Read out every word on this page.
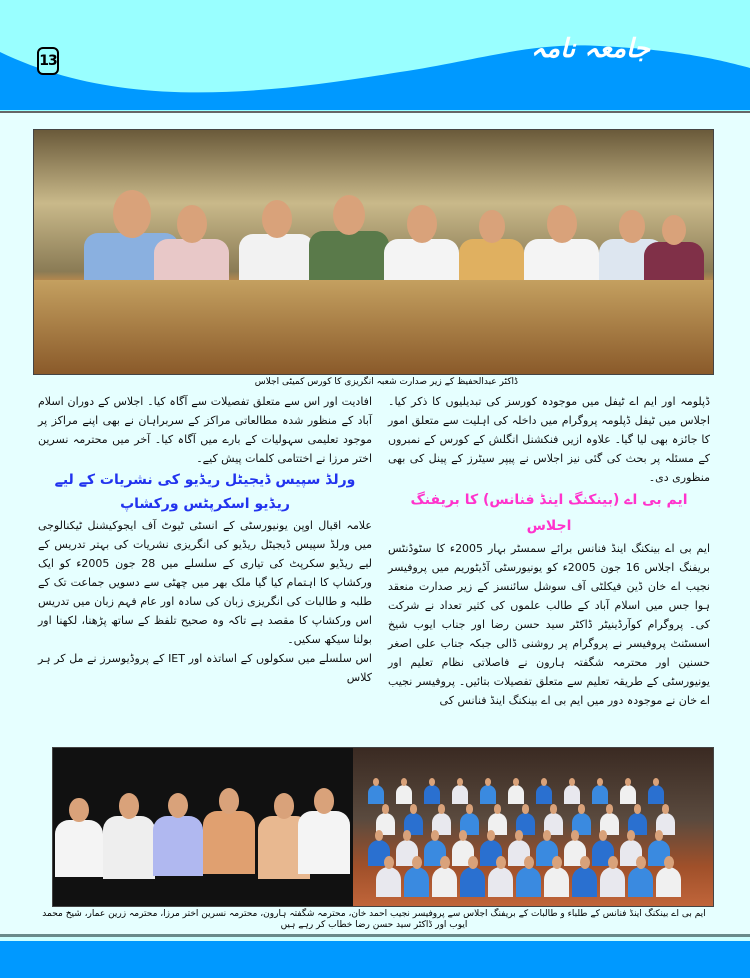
13	جامعہ نامہ
ڈاکٹر عبدالحفیظ کے زیر صدارت شعبہ انگریزی کا کورس کمیٹی اجلاس

ڈپلومہ اور ایم اے ٹیفل میں موجودہ کورسز کی تبدیلیوں کا ذکر کیا۔ اجلاس میں ٹیفل ڈپلومہ پروگرام میں داخلہ کی اہلیت سے متعلق امور کا جائزہ بھی لیا گیا۔ علاوہ ازیں فنکشنل انگلش کے کورس کے نمبروں کے مسئلہ پر بحث کی گئی نیز اجلاس نے پیپر سیٹرز کے پینل کی بھی منظوری دی۔

ایم بی اے (بینکنگ اینڈ فنانس) کا بریفنگ اجلاس

ایم بی اے بینکنگ اینڈ فنانس برائے سمسٹر بہار 2005ء کا سٹوڈنٹس بریفنگ اجلاس 16 جون 2005ء کو یونیورسٹی آڈیٹوریم میں پروفیسر نجیب اے خان ڈین فیکلٹی آف سوشل سائنسز کے زیر صدارت منعقد ہوا جس میں اسلام آباد کے طالب علموں کی کثیر تعداد نے شرکت کی۔ پروگرام کوآرڈینیٹر ڈاکٹر سید حسن رضا اور جناب ایوب شیخ اسسٹنٹ پروفیسر نے پروگرام پر روشنی ڈالی جبکہ جناب علی اصغر حسنین اور محترمہ شگفتہ ہارون نے فاصلاتی نظام تعلیم اور یونیورسٹی کے طریقہ تعلیم سے متعلق تفصیلات بتائیں۔ پروفیسر نجیب اے خان نے موجودہ دور میں ایم بی اے بینکنگ اینڈ فنانس کی

افادیت اور اس سے متعلق تفصیلات سے آگاہ کیا۔ اجلاس کے دوران اسلام آباد کے منظور شدہ مطالعاتی مراکز کے سربراہان نے بھی اپنے مراکز پر موجود تعلیمی سہولیات کے بارے میں آگاہ کیا۔ آخر میں محترمہ نسرین اختر مرزا نے اختتامی کلمات پیش کیے۔

ورلڈ سپیس ڈیجیٹل ریڈیو کی نشریات کے لیے

ریڈیو اسکرپٹس ورکشاپ

علامہ اقبال اوپن یونیورسٹی کے انسٹی ٹیوٹ آف ایجوکیشنل ٹیکنالوجی میں ورلڈ سپیس ڈیجیٹل ریڈیو کی انگریزی نشریات کی بہتر تدریس کے لیے ریڈیو سکرپٹ کی تیاری کے سلسلے میں 28 جون 2005ء کو ایک ورکشاپ کا اہتمام کیا گیا ملک بھر میں چھٹی سے دسویں جماعت تک کے طلبہ و طالبات کی انگریزی زبان کی سادہ اور عام فہم زبان میں تدریس اس ورکشاپ کا مقصد ہے تاکہ وہ صحیح تلفظ کے ساتھ پڑھنا، لکھنا اور بولنا سیکھ سکیں۔

اس سلسلے میں سکولوں کے اساتذہ اور IET کے پروڈیوسرز نے مل کر ہر کلاس

ایم بی اے بینکنگ اینڈ فنانس کے طلباء و طالبات کے بریفنگ اجلاس سے پروفیسر نجیب احمد خان، محترمہ شگفتہ ہارون، محترمہ نسرین اختر مرزا، محترمہ زرین عمار، شیخ محمد ایوب اور ڈاکٹر سید حسن رضا خطاب کر رہے ہیں
